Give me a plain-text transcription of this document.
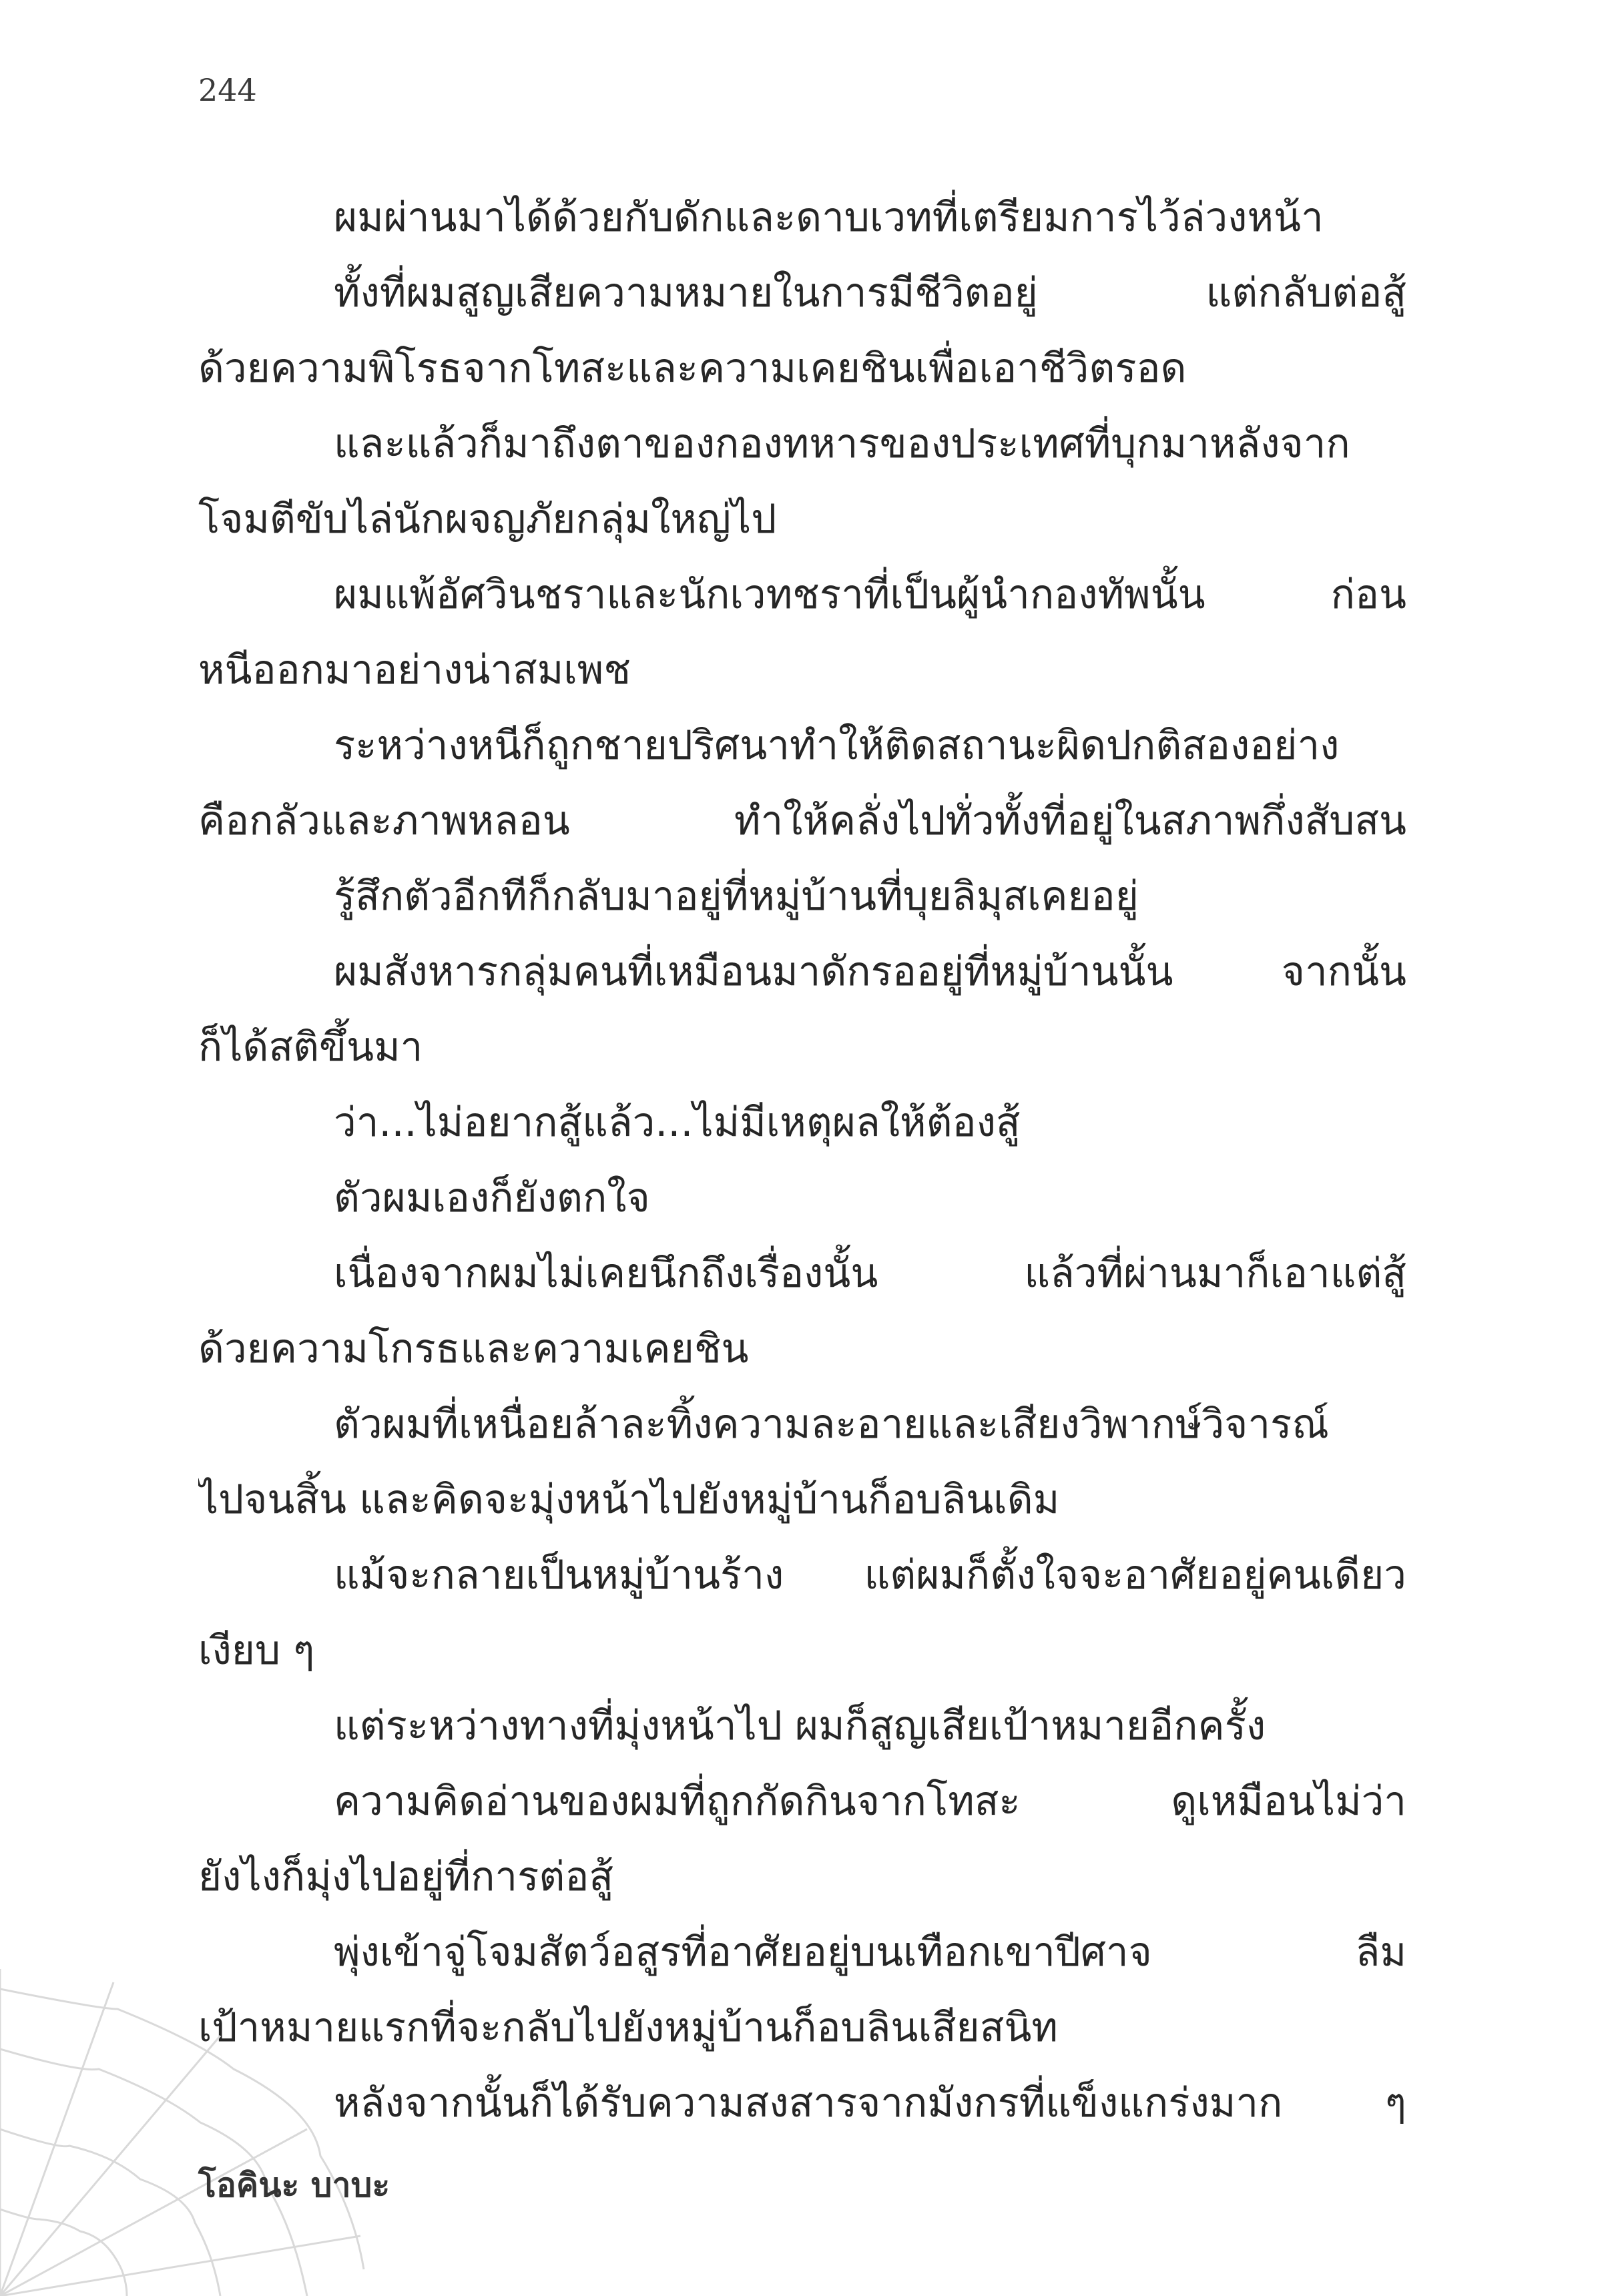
244
ผมผ่านมาได้ด้วยกับดักและดาบเวทที่เตรียมการไว้ล่วงหน้า
ทั้งที่ผมสูญเสียความหมายในการมีชีวิตอยู่ แต่กลับต่อสู้
ด้วยความพิโรธจากโทสะและความเคยชินเพื่อเอาชีวิตรอด
และแล้วก็มาถึงตาของกองทหารของประเทศที่บุกมาหลังจาก
โจมตีขับไล่นักผจญภัยกลุ่มใหญ่ไป
ผมแพ้อัศวินชราและนักเวทชราที่เป็นผู้นำกองทัพนั้น ก่อน
หนีออกมาอย่างน่าสมเพช
ระหว่างหนีก็ถูกชายปริศนาทำให้ติดสถานะผิดปกติสองอย่าง
คือกลัวและภาพหลอน ทำให้คลั่งไปทั่วทั้งที่อยู่ในสภาพกึ่งสับสน
รู้สึกตัวอีกทีก็กลับมาอยู่ที่หมู่บ้านที่บุยลิมุสเคยอยู่
ผมสังหารกลุ่มคนที่เหมือนมาดักรออยู่ที่หมู่บ้านนั้น จากนั้น
ก็ได้สติขึ้นมา
ว่า...ไม่อยากสู้แล้ว...ไม่มีเหตุผลให้ต้องสู้
ตัวผมเองก็ยังตกใจ
เนื่องจากผมไม่เคยนึกถึงเรื่องนั้น แล้วที่ผ่านมาก็เอาแต่สู้
ด้วยความโกรธและความเคยชิน
ตัวผมที่เหนื่อยล้าละทิ้งความละอายและเสียงวิพากษ์วิจารณ์
ไปจนสิ้น และคิดจะมุ่งหน้าไปยังหมู่บ้านก็อบลินเดิม
แม้จะกลายเป็นหมู่บ้านร้าง แต่ผมก็ตั้งใจจะอาศัยอยู่คนเดียว
เงียบ ๆ
แต่ระหว่างทางที่มุ่งหน้าไป ผมก็สูญเสียเป้าหมายอีกครั้ง
ความคิดอ่านของผมที่ถูกกัดกินจากโทสะ ดูเหมือนไม่ว่า
ยังไงก็มุ่งไปอยู่ที่การต่อสู้
พุ่งเข้าจู่โจมสัตว์อสูรที่อาศัยอยู่บนเทือกเขาปีศาจ ลืม
เป้าหมายแรกที่จะกลับไปยังหมู่บ้านก็อบลินเสียสนิท
หลังจากนั้นก็ได้รับความสงสารจากมังกรที่แข็งแกร่งมาก ๆ
โอคินะ บาบะ
